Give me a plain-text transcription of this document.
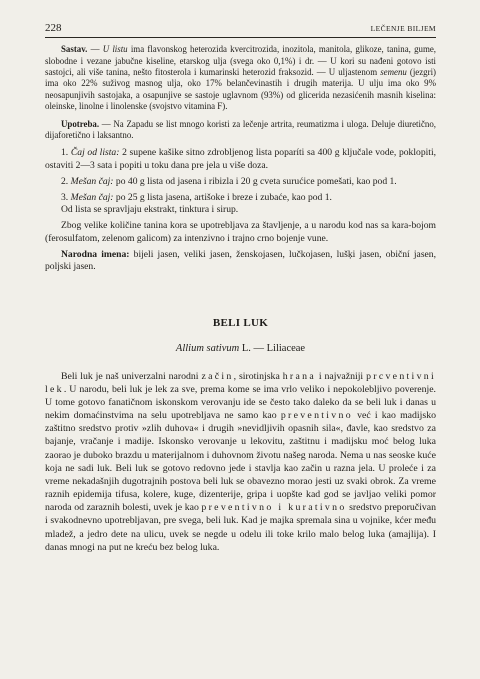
228	LEČENJE BILJEM

Sastav. — U listu ima flavonskog heterozida kvercitrozida, inozitola, manitola, glikoze, tanina, gume, slobodne i vezane jabučne kiseline, etarskog ulja (svega oko 0,1%) i dr. — U kori su nađeni gotovo isti sastojci, ali više tanina, nešto fitosterola i kumarinski heterozid fraksozid. — U uljastenom semenu (jezgri) ima oko 22% suživog masnog ulja, oko 17% belančevinastih i drugih materija. U ulju ima oko 9% neosapunjivih sastojaka, a osapunjive se sastoje uglavnom (93%) od glicerida nezasićenih masnih kiselina: oleinske, linolne i linolenske (svojstvo vitamina F).

Upotreba. — Na Zapadu se list mnogo koristi za lečenje artrita, reumatizma i uloga. Deluje diuretično, dijaforetično i laksantno.

1. Čaj od lista: 2 supene kašike sitno zdrobljenog lista poparíti sa 400 g ključale vode, poklopiti, ostaviti 2—3 sata i popiti u toku dana pre jela u više doza.

2. Mešan čaj: po 40 g lista od jasena i ribizla i 20 g cveta surućice pomešati, kao pod 1.

3. Mešan čaj: po 25 g lista jasena, artišoke i breze i zubaće, kao pod 1.

Od lista se spravljaju ekstrakt, tinktura i sirup.

Zbog velike količine tanina kora se upotrebljava za štavljenje, a u narodu kod nas sa kara-bojom (ferosulfatom, zelenom galicom) za intenzivno i trajno crno bojenje vune.

Narodna imena: bijeli jasen, veliki jasen, ženskojasen, lučkojasen, lušķi jasen, običní jasen, poljski jasen.

BELI LUK
Allium sativum L. — Liliaceae

Beli luk je naš univerzalni narodni začin, sirotinjska hrana i najvažniji prcventivni lek. U narodu, beli luk je lek za sve, prema kome se ima vrlo veliko i nepokolebljivo poverenje. U tome gotovo fanatičnom iskonskom verovanju ide se često tako daleko da se beli luk i danas u nekim domaćinstvima na selu upotrebljava ne samo kao preventivno već i kao madijsko zaštitno sredstvo protiv »zlih duhova« i drugih »nevidljivih opasnih sila«, đavle, kao sredstvo za bajanje, vračanje i madije. Iskonsko verovanje u lekovitu, zaštitnu i madijsku moć belog luka zaorao je duboko brazdu u materijalnom i duhovnom životu našeg naroda. Nema u nas seoske kuće koja ne sadi luk. Beli luk se gotovo redovno jede i stavlja kao začin u razna jela. U proleće i za vreme nekadašnjih dugotrajnih postova beli luk se obavezno morao jesti uz svaki obrok. Za vreme raznih epidemija tifusa, kolere, kuge, dizenterije, gripa i uopšte kad god se javljao veliki pomor naroda od zaraznih bolesti, uvek je kao preventivno i kurativno sredstvo preporučivan i svakodnevno upotrebljavan, pre svega, beli luk. Kad je majka spremala sina u vojnike, kćer među mladež, a jedro dete na ulicu, uvek se negde u odelu ili toke krilo malo belog luka (amajlija). I danas mnogi na put ne kreću bez belog luka.
